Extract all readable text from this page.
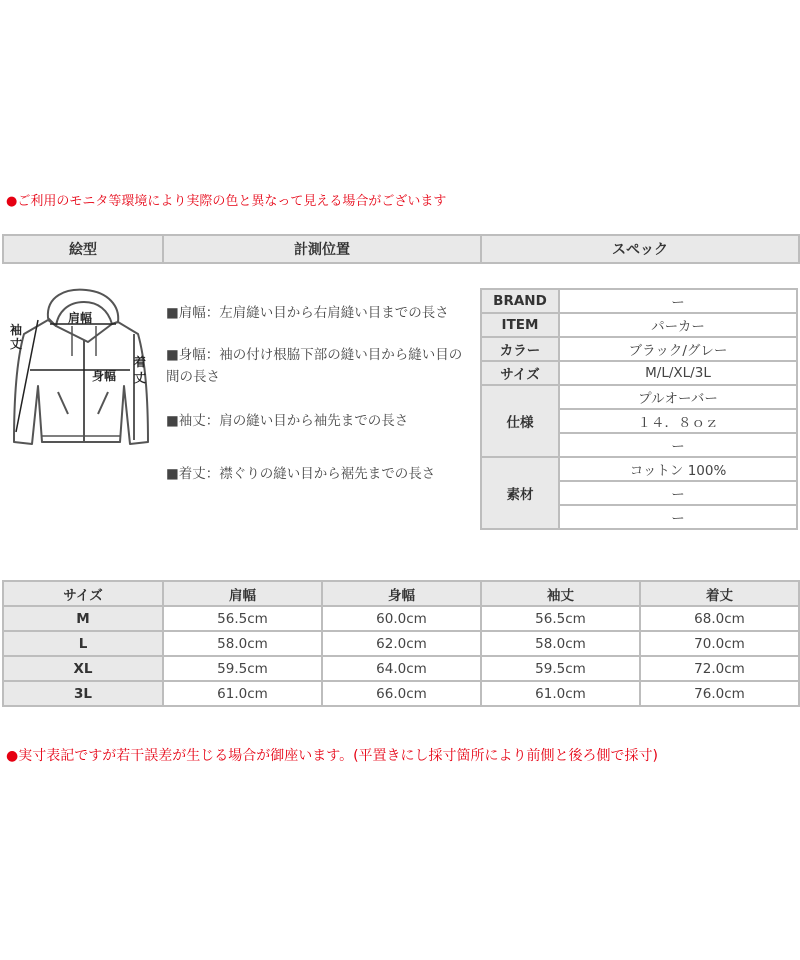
●ご利用のモニタ等環境により実際の色と異なって見える場合がございます
絵型	計測位置	スペック
肩幅
身幅
袖
丈
着
丈
■肩幅：左肩縫い目から右肩縫い目までの長さ
■身幅：袖の付け根脇下部の縫い目から縫い目の間の長さ
■袖丈：肩の縫い目から袖先までの長さ
■着丈：襟ぐりの縫い目から裾先までの長さ
BRAND	ー
ITEM	パーカー
カラー	ブラック/グレー
サイズ	M/L/XL/3L
仕様	プルオーバー
	１４．８ｏｚ
	ー
素材	コットン 100%
	ー
	ー
サイズ	肩幅	身幅	袖丈	着丈
M	56.5cm	60.0cm	56.5cm	68.0cm
L	58.0cm	62.0cm	58.0cm	70.0cm
XL	59.5cm	64.0cm	59.5cm	72.0cm
3L	61.0cm	66.0cm	61.0cm	76.0cm
●実寸表記ですが若干誤差が生じる場合が御座います。(平置きにし採寸箇所により前側と後ろ側で採寸)
